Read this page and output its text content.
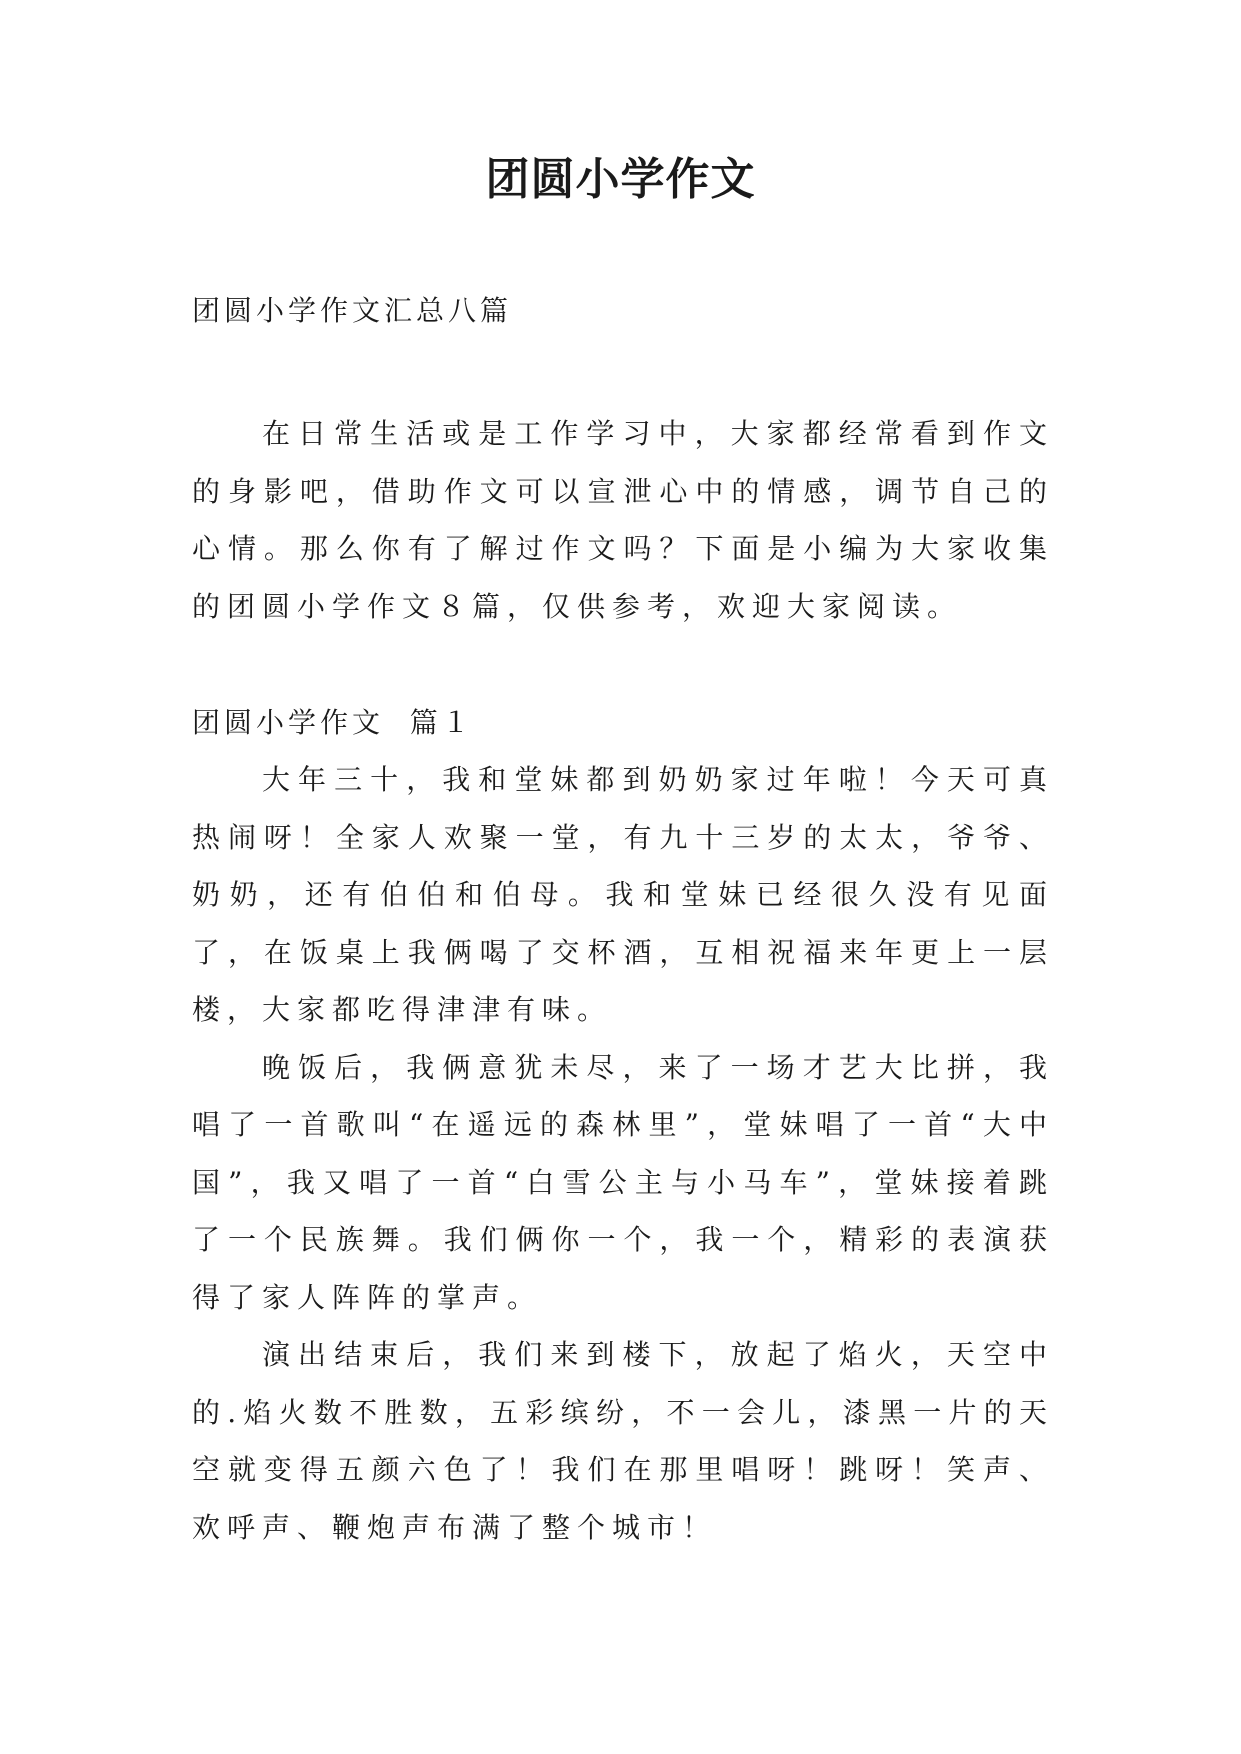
团圆小学作文

团圆小学作文汇总八篇

在日常生活或是工作学习中，大家都经常看到作文的身影吧，借助作文可以宣泄心中的情感，调节自己的心情。那么你有了解过作文吗？下面是小编为大家收集的团圆小学作文８篇，仅供参考，欢迎大家阅读。

团圆小学作文  篇１

大年三十，我和堂妹都到奶奶家过年啦！今天可真热闹呀！全家人欢聚一堂，有九十三岁的太太，爷爷、奶奶，还有伯伯和伯母。我和堂妹已经很久没有见面了，在饭桌上我俩喝了交杯酒，互相祝福来年更上一层楼，大家都吃得津津有味。

晚饭后，我俩意犹未尽，来了一场才艺大比拼，我唱了一首歌叫“在遥远的森林里”，堂妹唱了一首“大中国”，我又唱了一首“白雪公主与小马车”，堂妹接着跳了一个民族舞。我们俩你一个，我一个，精彩的表演获得了家人阵阵的掌声。

演出结束后，我们来到楼下，放起了焰火，天空中的.焰火数不胜数，五彩缤纷，不一会儿，漆黑一片的天空就变得五颜六色了！我们在那里唱呀！跳呀！笑声、欢呼声、鞭炮声布满了整个城市！
